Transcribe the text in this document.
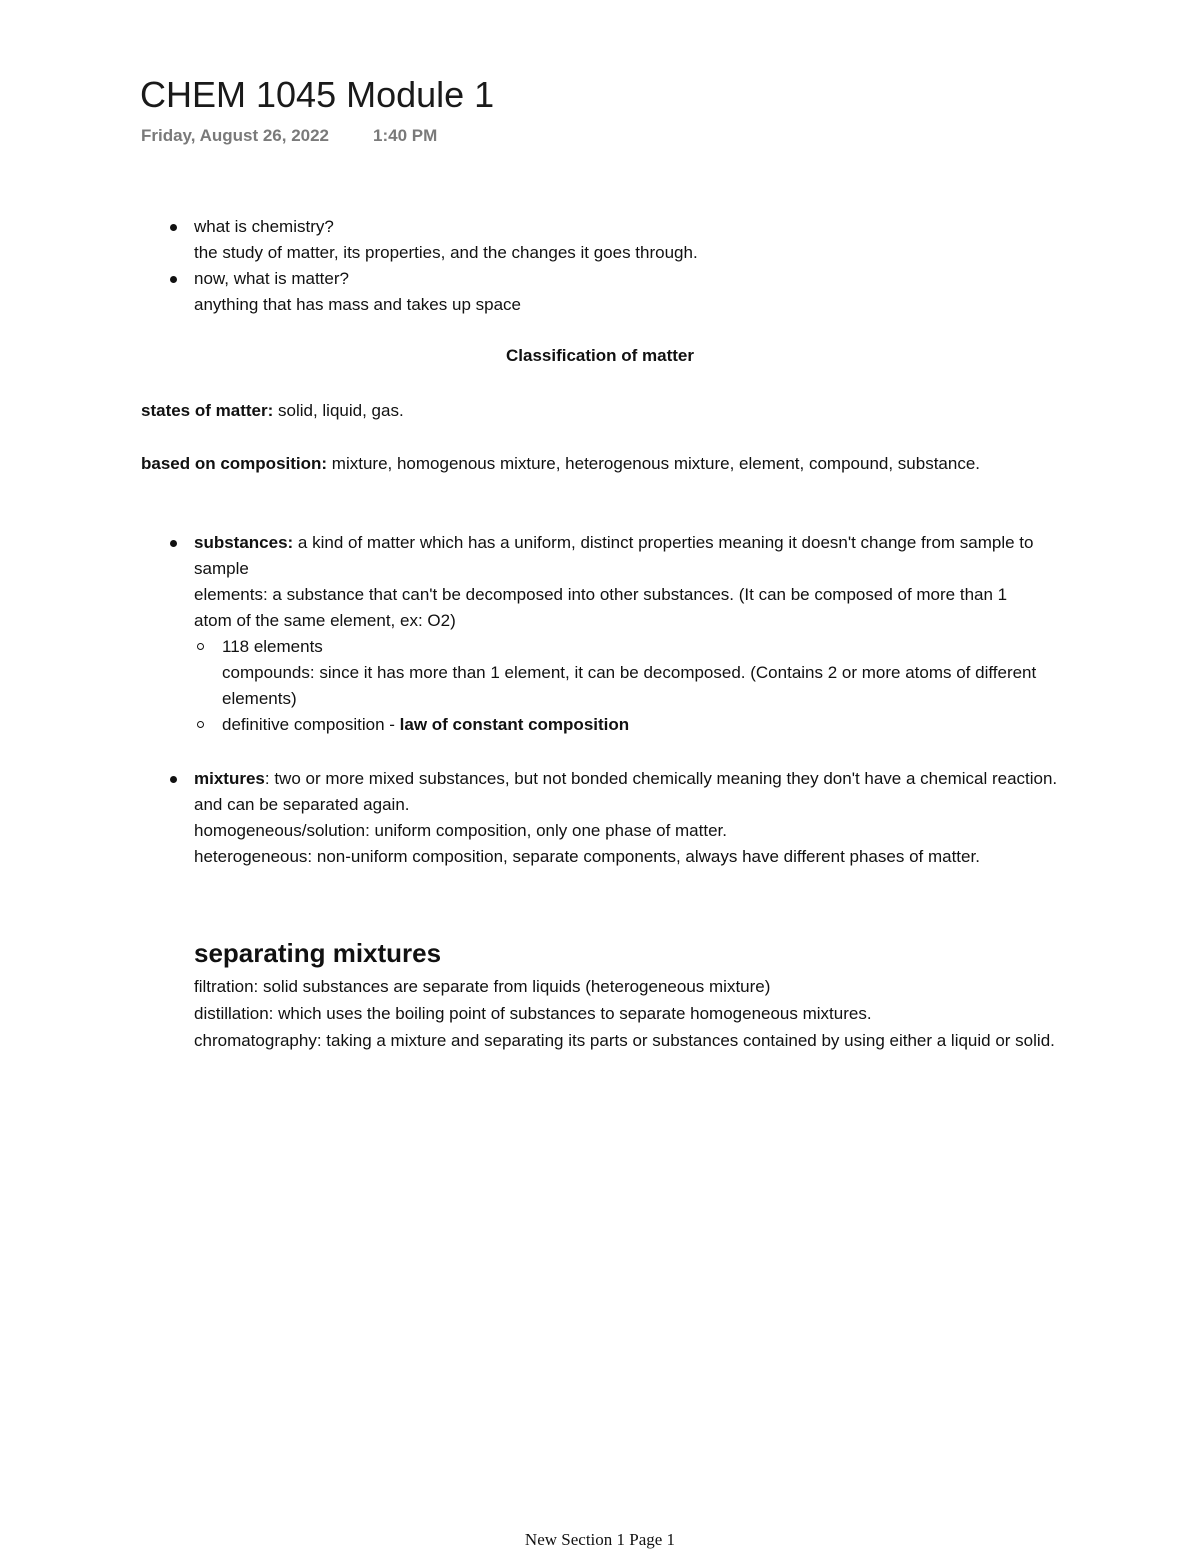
CHEM 1045 Module 1
Friday, August 26, 2022	1:40 PM
what is chemistry?
the study of matter, its properties, and the changes it goes through.
now, what is matter?
anything that has mass and takes up space
Classification of matter
states of matter: solid, liquid, gas.
based on composition: mixture, homogenous mixture, heterogenous mixture, element, compound, substance.
substances: a kind of matter which has a uniform, distinct properties meaning it doesn't change from sample to sample
elements: a substance that can't be decomposed into other substances. (It can be composed of more than 1 atom of the same element, ex: O2)
118 elements
compounds: since it has more than 1 element, it can be decomposed. (Contains 2 or more atoms of different elements)
definitive composition - law of constant composition
mixtures: two or more mixed substances, but not bonded chemically meaning they don't have a chemical reaction. and can be separated again.
homogeneous/solution: uniform composition, only one phase of matter.
heterogeneous: non-uniform composition, separate components, always have different phases of matter.
separating mixtures
filtration: solid substances are separate from liquids (heterogeneous mixture)
distillation: which uses the boiling point of substances to separate homogeneous mixtures.
chromatography: taking a mixture and separating its parts or substances contained by using either a liquid or solid.
New Section 1 Page 1
